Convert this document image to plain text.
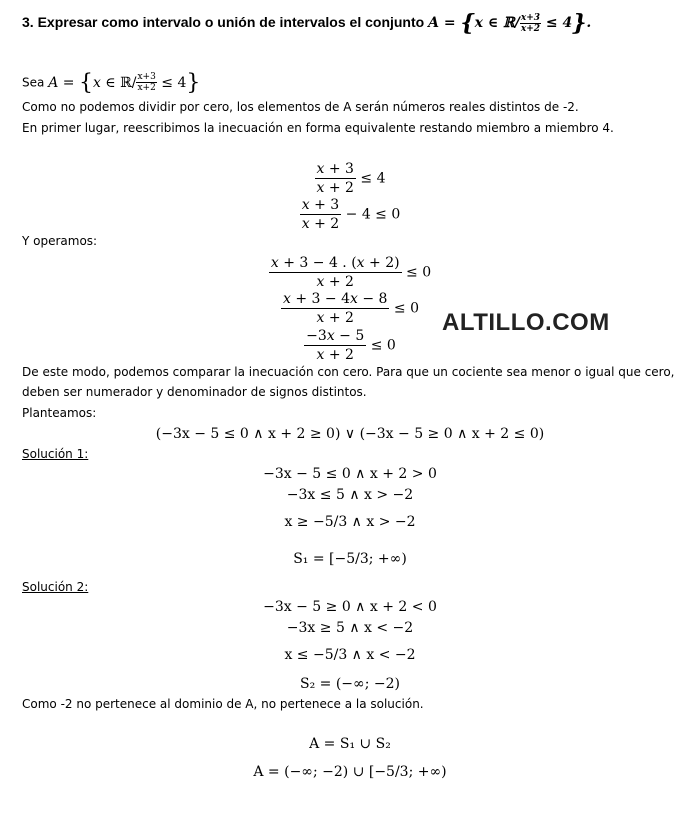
3. Expresar como intervalo o unión de intervalos el conjunto A = {x ∈ ℝ/ $\frac{x+3}{x+2} \le 4$}.
Sea A = {x ∈ ℝ/ $\frac{x+3}{x+2} \le 4$}
Como no podemos dividir por cero, los elementos de A serán números reales distintos de -2.
En primer lugar, reescribimos la inecuación en forma equivalente restando miembro a miembro 4.
$\frac{x + 3}{x + 2} \le 4$
$\frac{x + 3}{x + 2} - 4 \le 0$
Y operamos:
$\frac{x + 3 - 4 . (x + 2)}{x + 2} \le 0$
$\frac{x + 3 - 4x - 8}{x + 2} \le 0$
$\frac{-3x - 5}{x + 2} \le 0$
ALTILLO.COM
De este modo, podemos comparar la inecuación con cero. Para que un cociente sea menor o igual que cero,
deben ser numerador y denominador de signos distintos.
Planteamos:
(−3x − 5 ≤ 0 ∧ x + 2 ≥ 0) ∨ (−3x − 5 ≥ 0 ∧ x + 2 ≤ 0)
Solución 1:
−3x − 5 ≤ 0 ∧ x + 2 > 0
−3x ≤ 5 ∧ x > −2
x ≥ −5/3 ∧ x > −2
S₁ = [−5/3; +∞)
Solución 2:
−3x − 5 ≥ 0 ∧ x + 2 < 0
−3x ≥ 5 ∧ x < −2
x ≤ −5/3 ∧ x < −2
S₂ = (−∞; −2)
Como -2 no pertenece al dominio de A, no pertenece a la solución.
A = S₁ ∪ S₂
A = (−∞; −2) ∪ [−5/3; +∞)
